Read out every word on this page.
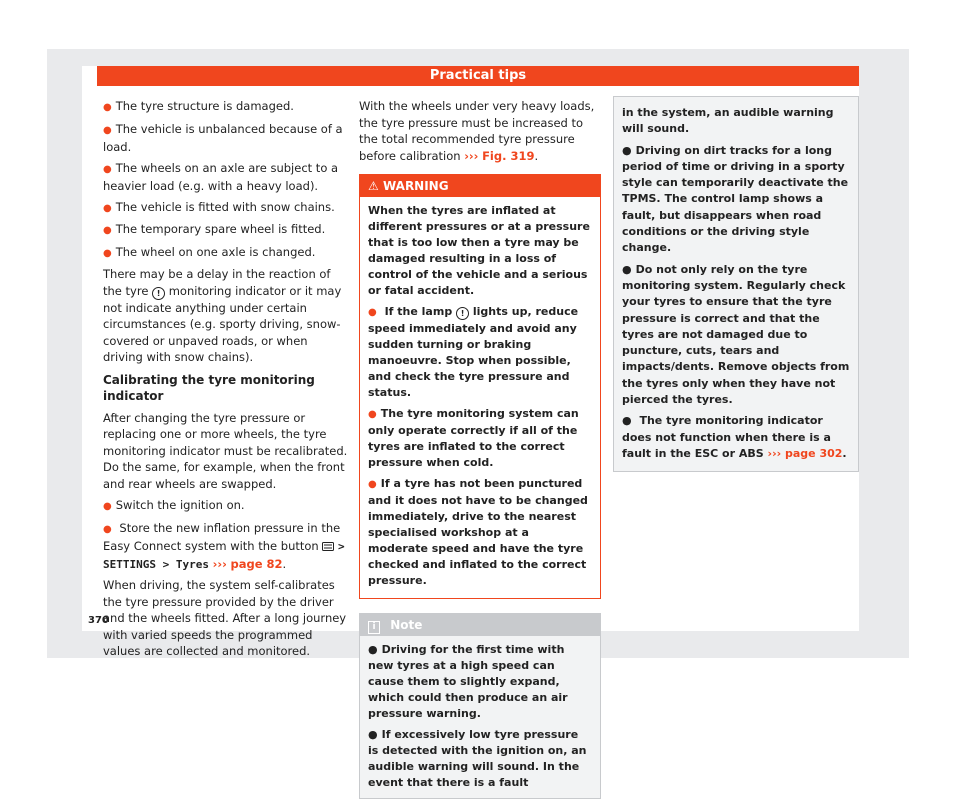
Practical tips

● The tyre structure is damaged.

● The vehicle is unbalanced because of a load.

● The wheels on an axle are subject to a heavier load (e.g. with a heavy load).

● The vehicle is fitted with snow chains.

● The temporary spare wheel is fitted.

● The wheel on one axle is changed.

There may be a delay in the reaction of the tyre ! monitoring indicator or it may not indicate anything under certain circumstances (e.g. sporty driving, snow-covered or unpaved roads, or when driving with snow chains).

Calibrating the tyre monitoring indicator

After changing the tyre pressure or replacing one or more wheels, the tyre monitoring indicator must be recalibrated. Do the same, for example, when the front and rear wheels are swapped.

● Switch the ignition on.

● Store the new inflation pressure in the Easy Connect system with the button > SETTINGS > Tyres ››› page 82.

When driving, the system self-calibrates the tyre pressure provided by the driver and the wheels fitted. After a long journey with varied speeds the programmed values are collected and monitored.

With the wheels under very heavy loads, the tyre pressure must be increased to the total recommended tyre pressure before calibration ››› Fig. 319.

⚠ WARNING

When the tyres are inflated at different pressures or at a pressure that is too low then a tyre may be damaged resulting in a loss of control of the vehicle and a serious or fatal accident.

● If the lamp ! lights up, reduce speed immediately and avoid any sudden turning or braking manoeuvre. Stop when possible, and check the tyre pressure and status.

● The tyre monitoring system can only operate correctly if all of the tyres are inflated to the correct pressure when cold.

● If a tyre has not been punctured and it does not have to be changed immediately, drive to the nearest specialised workshop at a moderate speed and have the tyre checked and inflated to the correct pressure.

i Note

● Driving for the first time with new tyres at a high speed can cause them to slightly expand, which could then produce an air pressure warning.

● If excessively low tyre pressure is detected with the ignition on, an audible warning will sound. In the event that there is a fault

in the system, an audible warning will sound.

● Driving on dirt tracks for a long period of time or driving in a sporty style can temporarily deactivate the TPMS. The control lamp shows a fault, but disappears when road conditions or the driving style change.

● Do not only rely on the tyre monitoring system. Regularly check your tyres to ensure that the tyre pressure is correct and that the tyres are not damaged due to puncture, cuts, tears and impacts/dents. Remove objects from the tyres only when they have not pierced the tyres.

● The tyre monitoring indicator does not function when there is a fault in the ESC or ABS ››› page 302.

370
